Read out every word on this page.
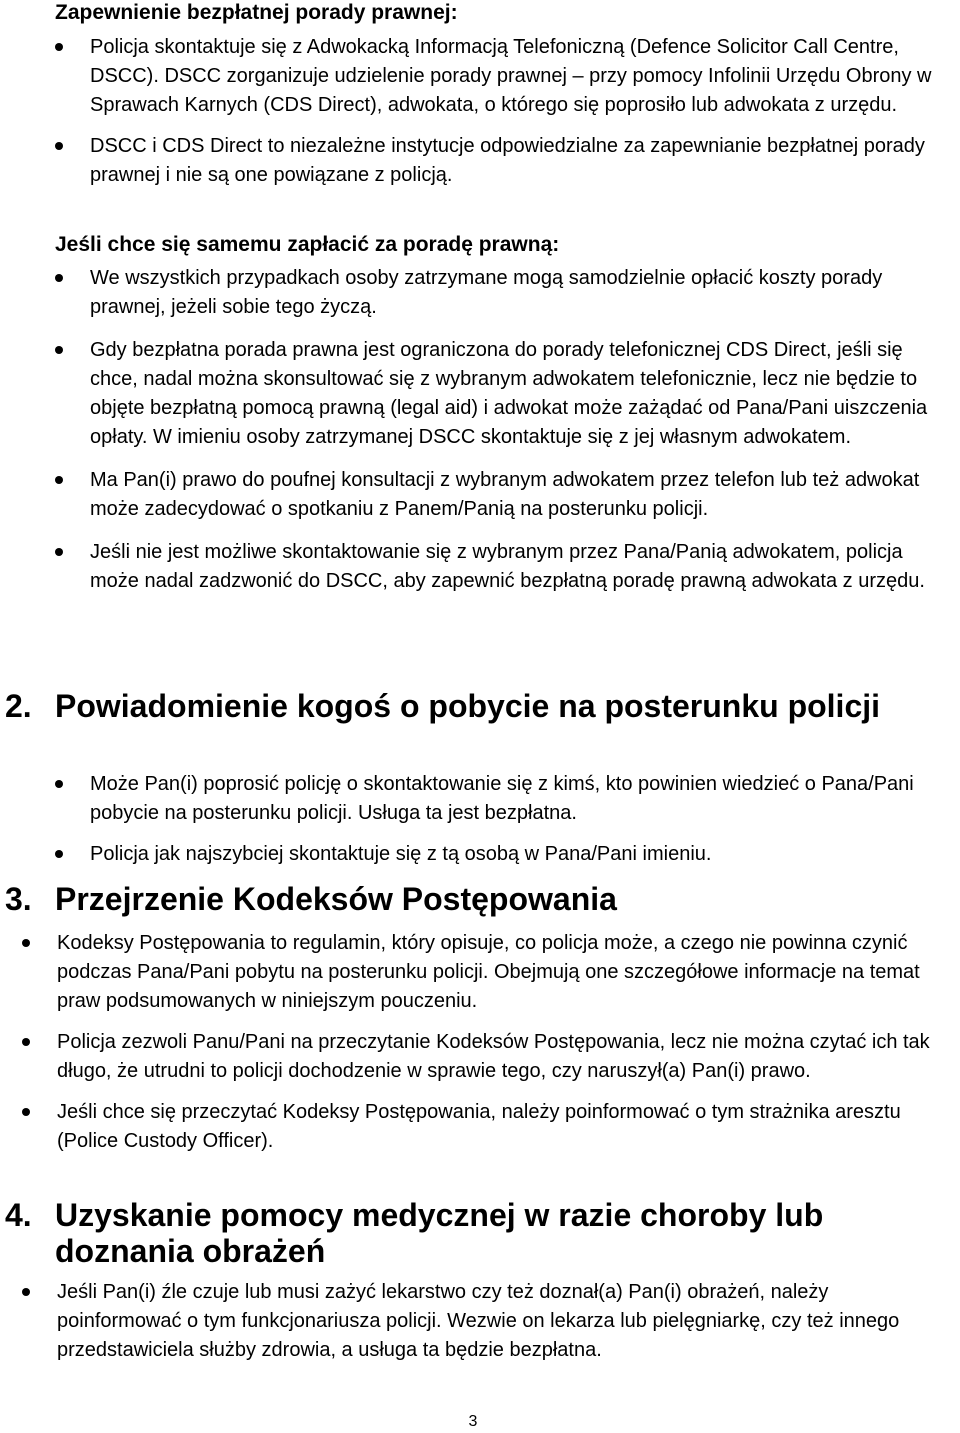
Zapewnienie bezpłatnej porady prawnej:
Policja skontaktuje się z Adwokacką Informacją Telefoniczną (Defence Solicitor Call Centre, DSCC). DSCC zorganizuje udzielenie porady prawnej – przy pomocy Infolinii Urzędu Obrony w Sprawach Karnych (CDS Direct), adwokata, o którego się poprosiło lub adwokata z urzędu.
DSCC i CDS Direct to niezależne instytucje odpowiedzialne za zapewnianie bezpłatnej porady prawnej i nie są one powiązane z policją.
Jeśli chce się samemu zapłacić za poradę prawną:
We wszystkich przypadkach osoby zatrzymane mogą samodzielnie opłacić koszty porady prawnej, jeżeli sobie tego życzą.
Gdy bezpłatna porada prawna jest ograniczona do porady telefonicznej CDS Direct, jeśli się chce, nadal można skonsultować się z wybranym adwokatem telefonicznie, lecz nie będzie to objęte bezpłatną pomocą prawną (legal aid) i adwokat może zażądać od Pana/Pani uiszczenia opłaty. W imieniu osoby zatrzymanej DSCC skontaktuje się z jej własnym adwokatem.
Ma Pan(i) prawo do poufnej konsultacji z wybranym adwokatem przez telefon lub też adwokat może zadecydować o spotkaniu z Panem/Panią na posterunku policji.
Jeśli nie jest możliwe skontaktowanie się z wybranym przez Pana/Panią adwokatem, policja może nadal zadzwonić do DSCC, aby zapewnić bezpłatną poradę prawną adwokata z urzędu.
2. Powiadomienie kogoś o pobycie na posterunku policji
Może Pan(i) poprosić policję o skontaktowanie się z kimś, kto powinien wiedzieć o Pana/Pani pobycie na posterunku policji. Usługa ta jest bezpłatna.
Policja jak najszybciej skontaktuje się z tą osobą w Pana/Pani imieniu.
3. Przejrzenie Kodeksów Postępowania
Kodeksy Postępowania to regulamin, który opisuje, co policja może, a czego nie powinna czynić podczas Pana/Pani pobytu na posterunku policji. Obejmują one szczegółowe informacje na temat praw podsumowanych w niniejszym pouczeniu.
Policja zezwoli Panu/Pani na przeczytanie Kodeksów Postępowania, lecz nie można czytać ich tak długo, że utrudni to policji dochodzenie w sprawie tego, czy naruszył(a) Pan(i) prawo.
Jeśli chce się przeczytać Kodeksy Postępowania, należy poinformować o tym strażnika aresztu (Police Custody Officer).
4. Uzyskanie pomocy medycznej w razie choroby lub doznania obrażeń
Jeśli Pan(i) źle czuje lub musi zażyć lekarstwo czy też doznał(a) Pan(i) obrażeń, należy poinformować o tym funkcjonariusza policji. Wezwie on lekarza lub pielęgniarkę, czy też innego przedstawiciela służby zdrowia, a usługa ta będzie bezpłatna.
3
